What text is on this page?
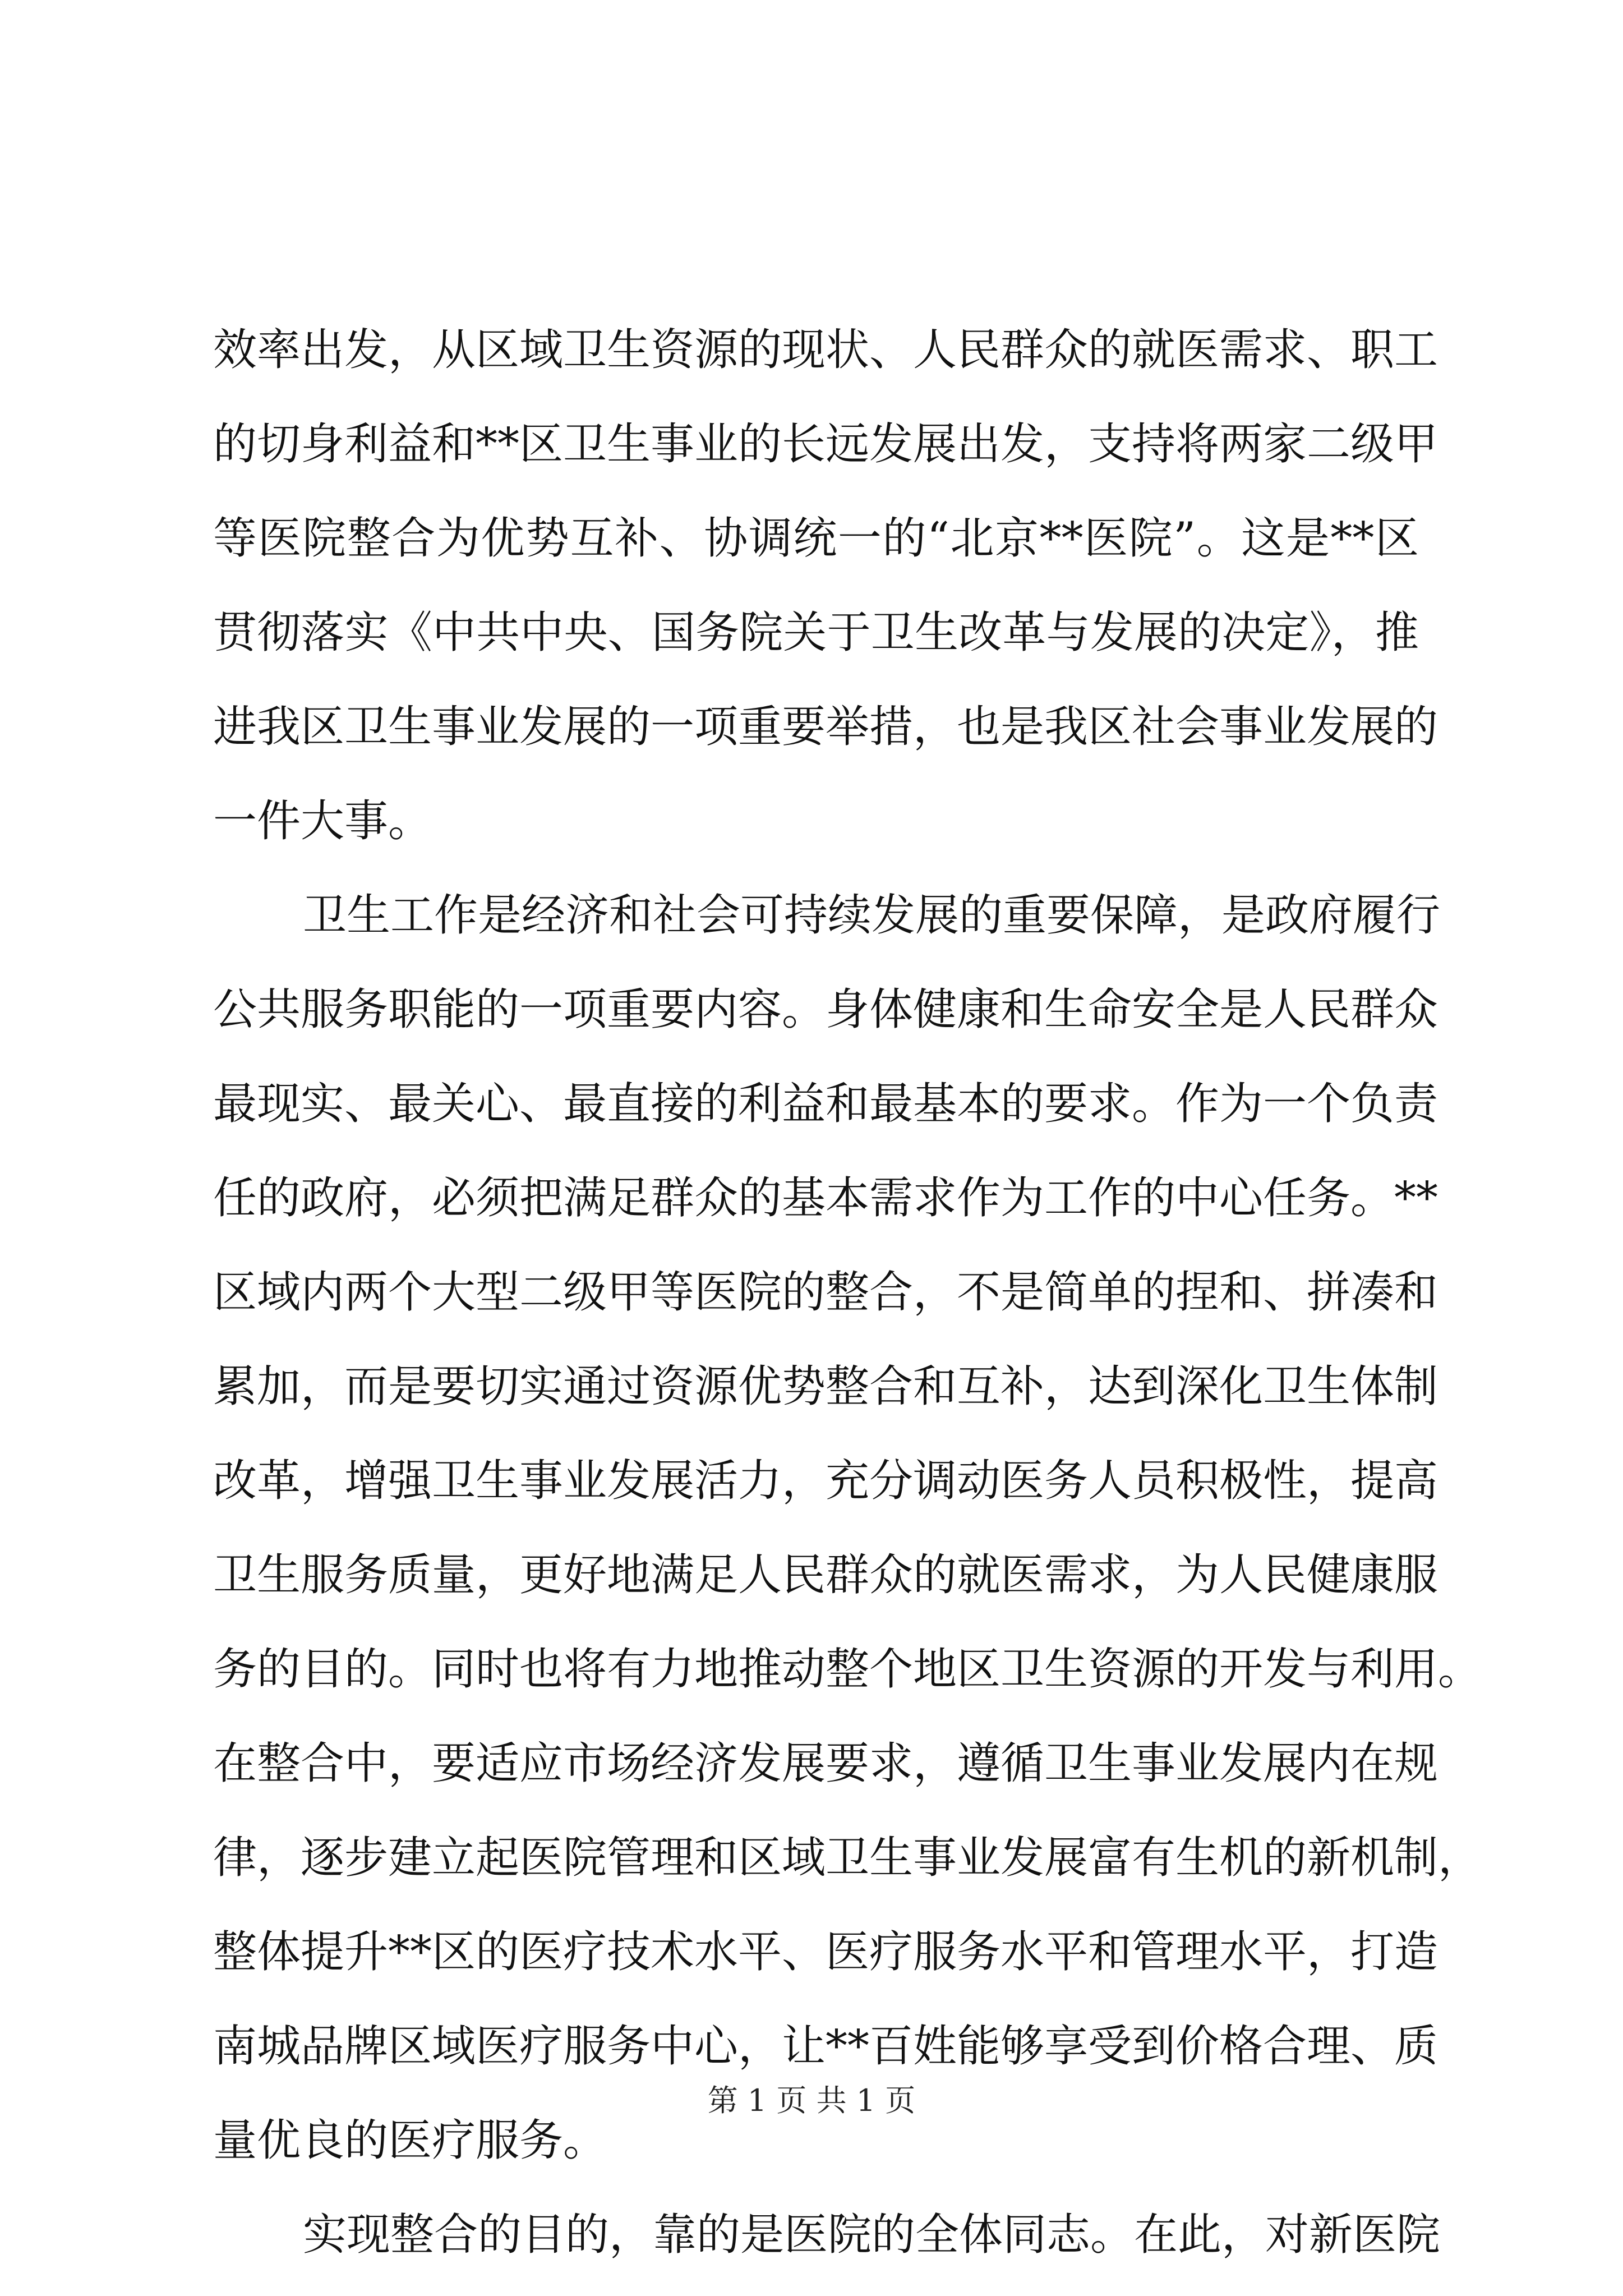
效率出发，从区域卫生资源的现状、人民群众的就医需求、职工
的切身利益和**区卫生事业的长远发展出发，支持将两家二级甲
等医院整合为优势互补、协调统一的“北京**医院”。这是**区
贯彻落实《中共中央、国务院关于卫生改革与发展的决定》，推
进我区卫生事业发展的一项重要举措，也是我区社会事业发展的
一件大事。
卫生工作是经济和社会可持续发展的重要保障，是政府履行
公共服务职能的一项重要内容。身体健康和生命安全是人民群众
最现实、最关心、最直接的利益和最基本的要求。作为一个负责
任的政府，必须把满足群众的基本需求作为工作的中心任务。**
区域内两个大型二级甲等医院的整合，不是简单的捏和、拼凑和
累加，而是要切实通过资源优势整合和互补，达到深化卫生体制
改革，增强卫生事业发展活力，充分调动医务人员积极性，提高
卫生服务质量，更好地满足人民群众的就医需求，为人民健康服
务的目的。同时也将有力地推动整个地区卫生资源的开发与利用。
在整合中，要适应市场经济发展要求，遵循卫生事业发展内在规
律，逐步建立起医院管理和区域卫生事业发展富有生机的新机制，
整体提升**区的医疗技术水平、医疗服务水平和管理水平，打造
南城品牌区域医疗服务中心，让**百姓能够享受到价格合理、质
量优良的医疗服务。
实现整合的目的，靠的是医院的全体同志。在此，对新医院
第 1 页 共 1 页
